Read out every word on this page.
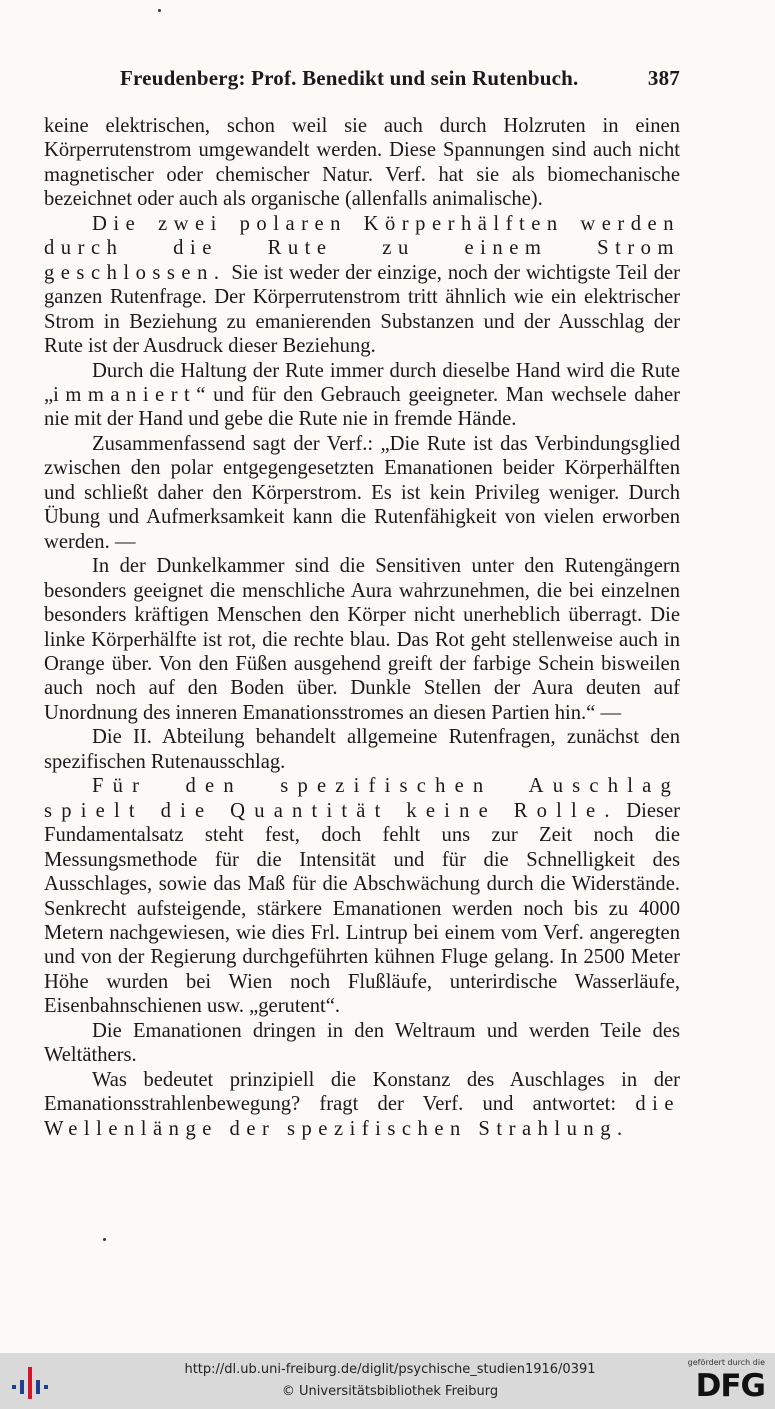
Freudenberg: Prof. Benedikt und sein Rutenbuch.	387

keine elektrischen, schon weil sie auch durch Holzruten in einen Körperrutenstrom umgewandelt werden. Diese Spannungen sind auch nicht magnetischer oder chemischer Natur. Verf. hat sie als biomechanische bezeichnet oder auch als organische (allenfalls animalische).

Die zwei polaren Körperhälften werden durch die Rute zu einem Strom geschlossen. Sie ist weder der einzige, noch der wichtigste Teil der ganzen Rutenfrage. Der Körperrutenstrom tritt ähnlich wie ein elektrischer Strom in Beziehung zu emanierenden Substanzen und der Ausschlag der Rute ist der Ausdruck dieser Beziehung.

Durch die Haltung der Rute immer durch dieselbe Hand wird die Rute „immaniert“ und für den Gebrauch geeigneter. Man wechsele daher nie mit der Hand und gebe die Rute nie in fremde Hände.

Zusammenfassend sagt der Verf.: „Die Rute ist das Verbindungsglied zwischen den polar entgegengesetzten Emanationen beider Körperhälften und schließt daher den Körperstrom. Es ist kein Privileg weniger. Durch Übung und Aufmerksamkeit kann die Rutenfähigkeit von vielen erworben werden. —

In der Dunkelkammer sind die Sensitiven unter den Rutengängern besonders geeignet die menschliche Aura wahrzunehmen, die bei einzelnen besonders kräftigen Menschen den Körper nicht unerheblich überragt. Die linke Körperhälfte ist rot, die rechte blau. Das Rot geht stellenweise auch in Orange über. Von den Füßen ausgehend greift der farbige Schein bisweilen auch noch auf den Boden über. Dunkle Stellen der Aura deuten auf Unordnung des inneren Emanationsstromes an diesen Partien hin.“ —

Die II. Abteilung behandelt allgemeine Rutenfragen, zunächst den spezifischen Rutenausschlag.

Für den spezifischen Auschlag spielt die Quantität keine Rolle. Dieser Fundamentalsatz steht fest, doch fehlt uns zur Zeit noch die Messungsmethode für die Intensität und für die Schnelligkeit des Ausschlages, sowie das Maß für die Abschwächung durch die Widerstände. Senkrecht aufsteigende, stärkere Emanationen werden noch bis zu 4000 Metern nachgewiesen, wie dies Frl. Lintrup bei einem vom Verf. angeregten und von der Regierung durchgeführten kühnen Fluge gelang. In 2500 Meter Höhe wurden bei Wien noch Flußläufe, unterirdische Wasserläufe, Eisenbahnschienen usw. „gerutent“.

Die Emanationen dringen in den Weltraum und werden Teile des Weltäthers.

Was bedeutet prinzipiell die Konstanz des Auschlages in der Emanationsstrahlenbewegung? fragt der Verf. und antwortet: die Wellenlänge der spezifischen Strahlung.

http://dl.ub.uni-freiburg.de/diglit/psychische_studien1916/0391
© Universitätsbibliothek Freiburg
gefördert durch die
DFG
